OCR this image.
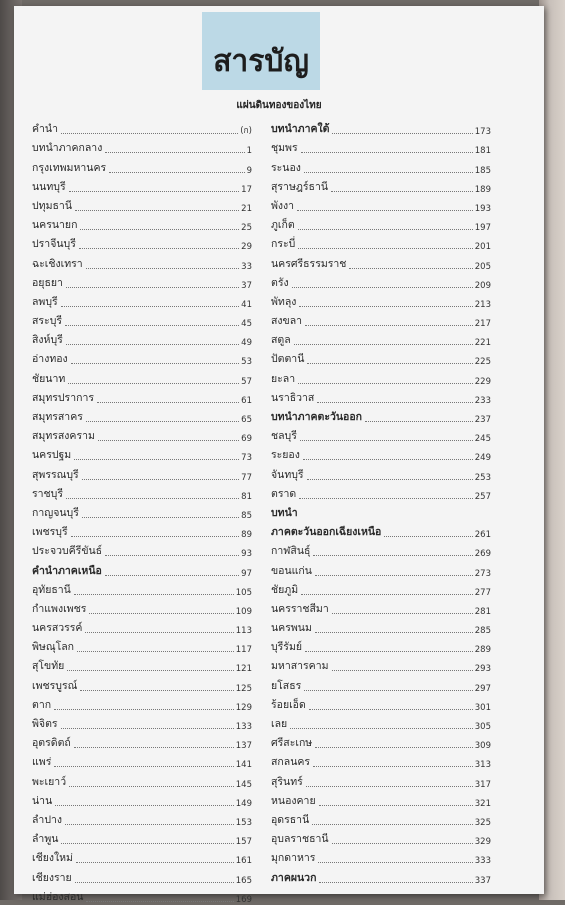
สารบัญ
แผ่นดินทองของไทย
คำนำ	(ก)
บทนำภาคกลาง	1
กรุงเทพมหานคร	9
นนทบุรี	17
ปทุมธานี	21
นครนายก	25
ปราจีนบุรี	29
ฉะเชิงเทรา	33
อยุธยา	37
ลพบุรี	41
สระบุรี	45
สิงห์บุรี	49
อ่างทอง	53
ชัยนาท	57
สมุทรปราการ	61
สมุทรสาคร	65
สมุทรสงคราม	69
นครปฐม	73
สุพรรณบุรี	77
ราชบุรี	81
กาญจนบุรี	85
เพชรบุรี	89
ประจวบคีรีขันธ์	93
คำนำภาคเหนือ	97
อุทัยธานี	105
กำแพงเพชร	109
นครสวรรค์	113
พิษณุโลก	117
สุโขทัย	121
เพชรบูรณ์	125
ตาก	129
พิจิตร	133
อุตรดิตถ์	137
แพร่	141
พะเยาว์	145
น่าน	149
ลำปาง	153
ลำพูน	157
เชียงใหม่	161
เชียงราย	165
แม่ฮ่องสอน	169
บทนำภาคใต้	173
ชุมพร	181
ระนอง	185
สุราษฎร์ธานี	189
พังงา	193
ภูเก็ต	197
กระบี่	201
นครศรีธรรมราช	205
ตรัง	209
พัทลุง	213
สงขลา	217
สตูล	221
ปัตตานี	225
ยะลา	229
นราธิวาส	233
บทนำภาคตะวันออก	237
ชลบุรี	245
ระยอง	249
จันทบุรี	253
ตราด	257
บทนำ
ภาคตะวันออกเฉียงเหนือ	261
กาฬสินธุ์	269
ขอนแก่น	273
ชัยภูมิ	277
นครราชสีมา	281
นครพนม	285
บุรีรัมย์	289
มหาสารคาม	293
ยโสธร	297
ร้อยเอ็ด	301
เลย	305
ศรีสะเกษ	309
สกลนคร	313
สุรินทร์	317
หนองคาย	321
อุดรธานี	325
อุบลราชธานี	329
มุกดาหาร	333
ภาคผนวก	337
